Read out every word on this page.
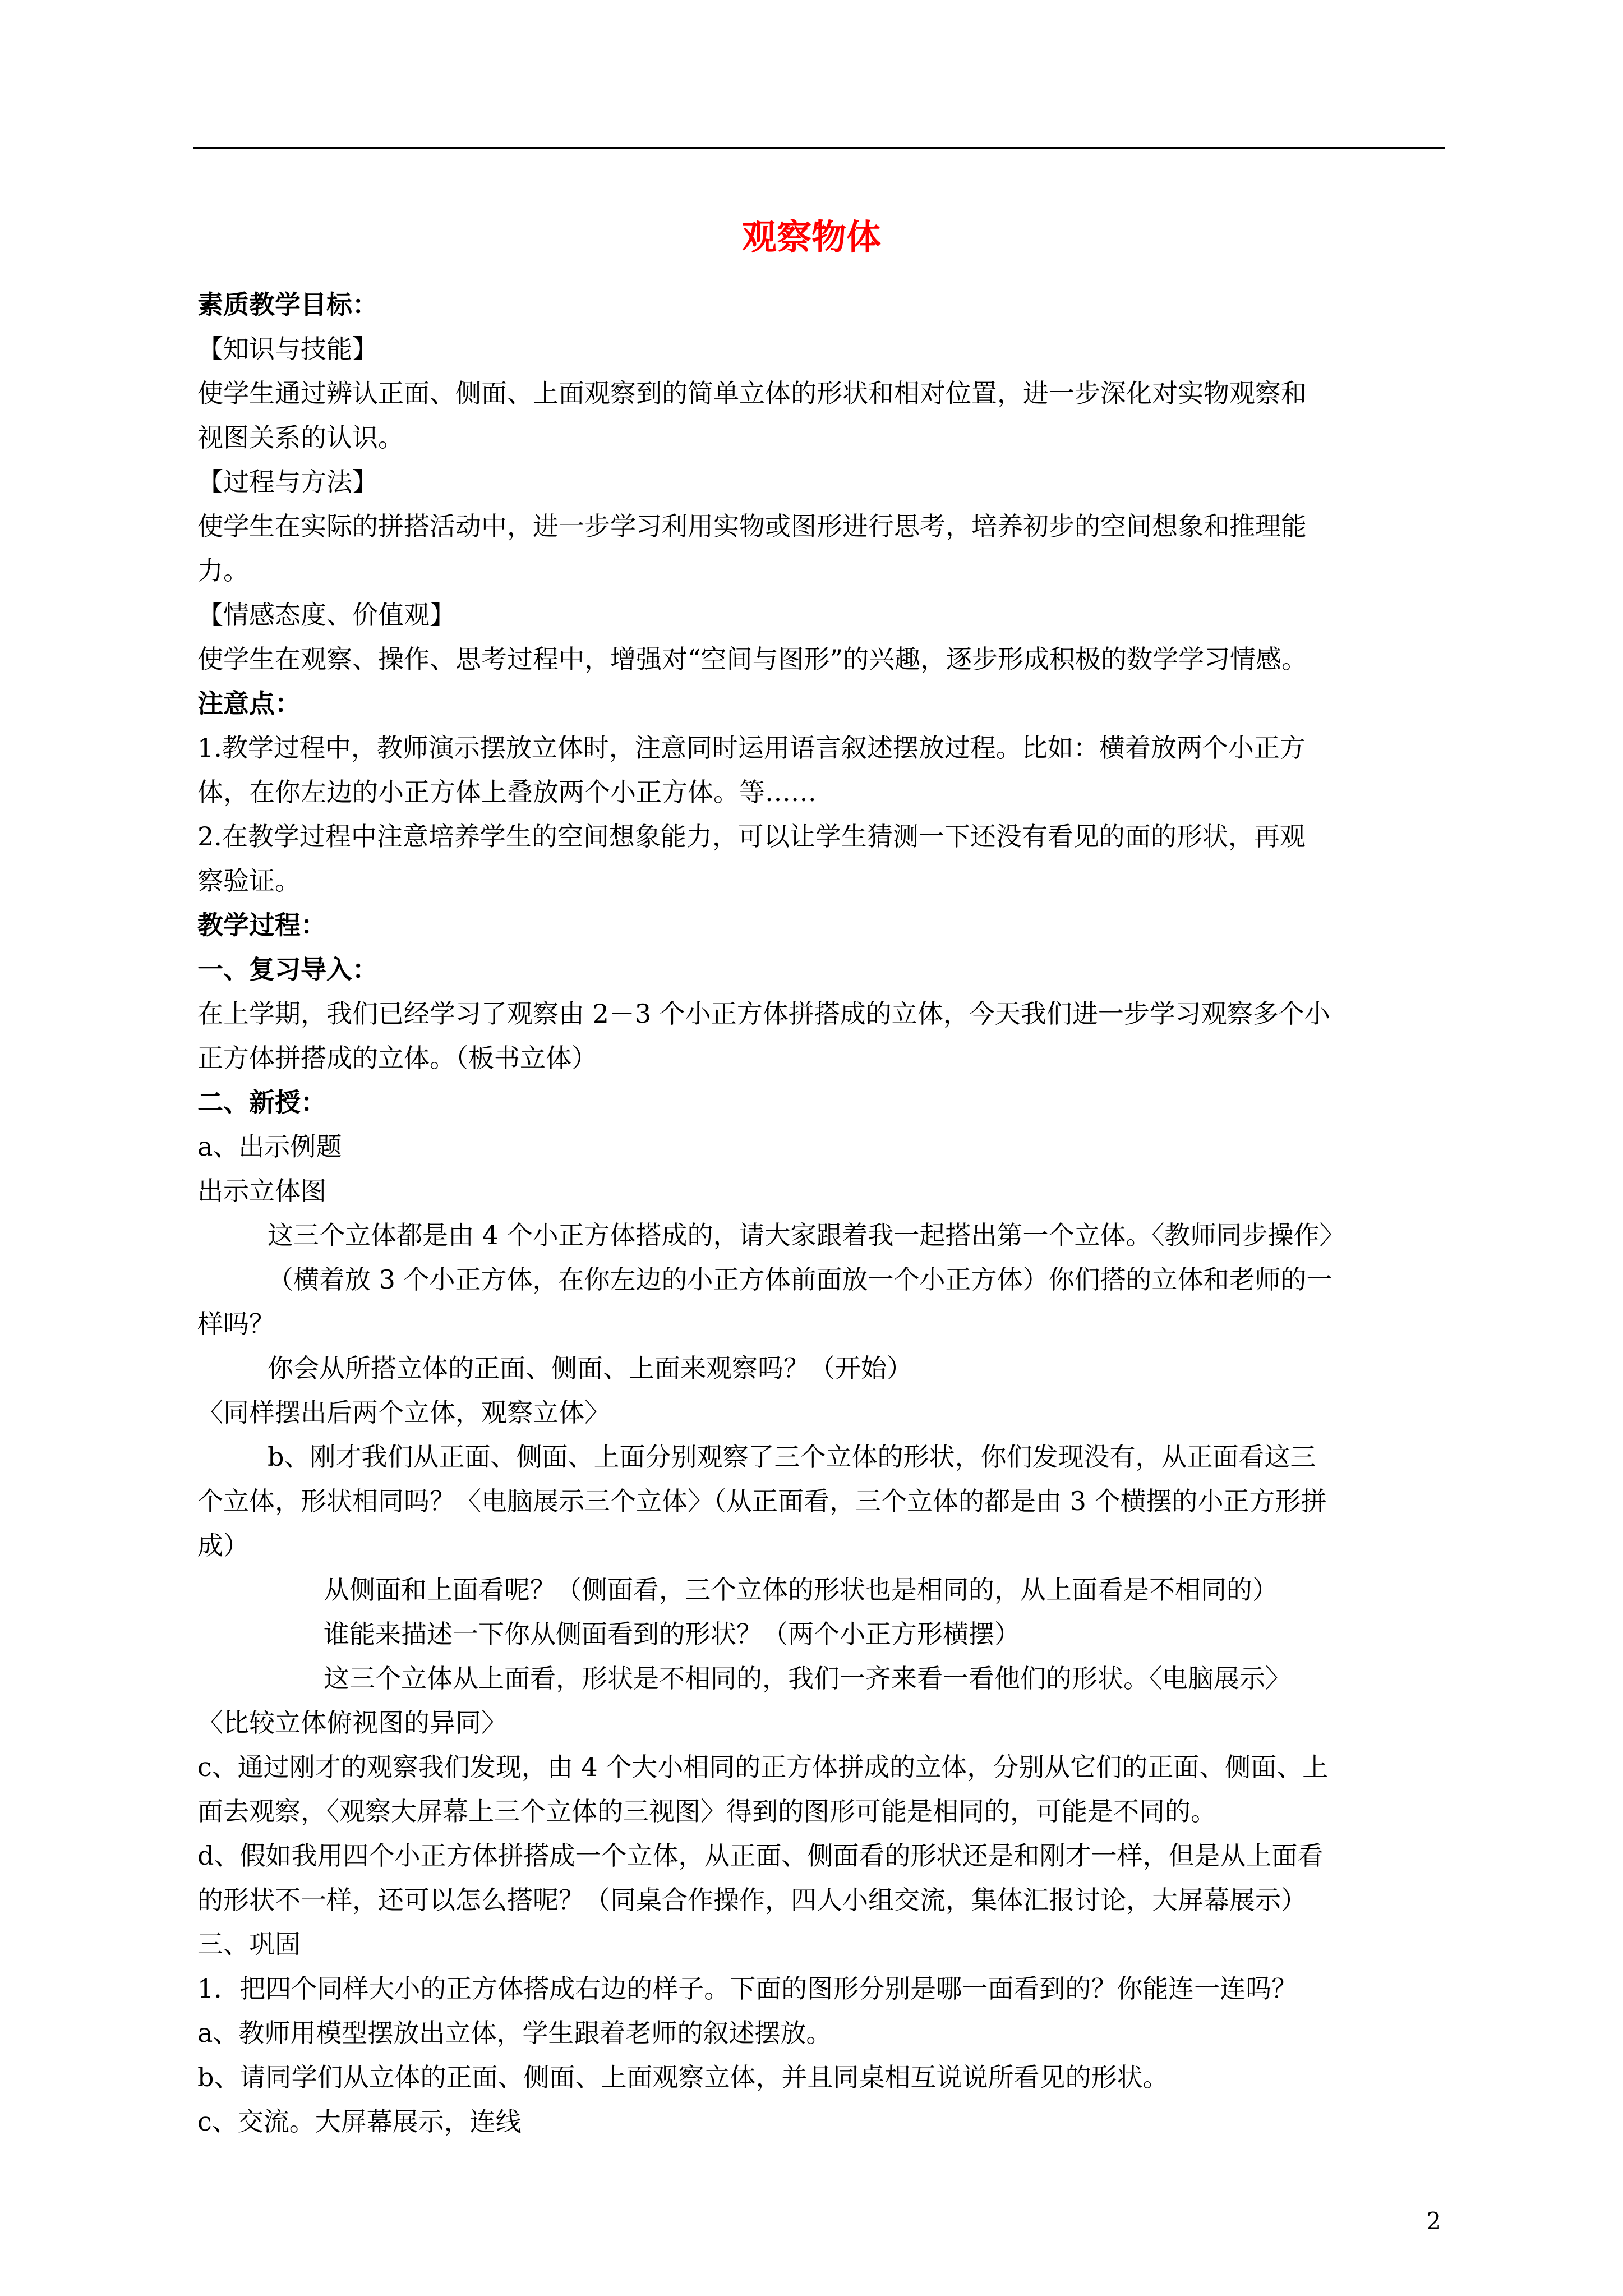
观察物体

素质教学目标：

【知识与技能】

使学生通过辨认正面、侧面、上面观察到的简单立体的形状和相对位置，进一步深化对实物观察和

视图关系的认识。

【过程与方法】

使学生在实际的拼搭活动中，进一步学习利用实物或图形进行思考，培养初步的空间想象和推理能

力。

【情感态度、价值观】

使学生在观察、操作、思考过程中，增强对“空间与图形”的兴趣，逐步形成积极的数学学习情感。

注意点：

1.教学过程中，教师演示摆放立体时，注意同时运用语言叙述摆放过程。比如：横着放两个小正方

体，在你左边的小正方体上叠放两个小正方体。等……

2.在教学过程中注意培养学生的空间想象能力，可以让学生猜测一下还没有看见的面的形状，再观

察验证。

教学过程：

一、复习导入：

在上学期，我们已经学习了观察由 2－3 个小正方体拼搭成的立体，今天我们进一步学习观察多个小

正方体拼搭成的立体。（板书立体）

二、新授：

a、出示例题

出示立体图

这三个立体都是由 4 个小正方体搭成的，请大家跟着我一起搭出第一个立体。〈教师同步操作〉

（横着放 3 个小正方体，在你左边的小正方体前面放一个小正方体）你们搭的立体和老师的一

样吗？

你会从所搭立体的正面、侧面、上面来观察吗？（开始）

〈同样摆出后两个立体，观察立体〉

b、刚才我们从正面、侧面、上面分别观察了三个立体的形状，你们发现没有，从正面看这三

个立体，形状相同吗？〈电脑展示三个立体〉（从正面看，三个立体的都是由 3 个横摆的小正方形拼

成）

从侧面和上面看呢？（侧面看，三个立体的形状也是相同的，从上面看是不相同的）

谁能来描述一下你从侧面看到的形状？（两个小正方形横摆）

这三个立体从上面看，形状是不相同的，我们一齐来看一看他们的形状。〈电脑展示〉

〈比较立体俯视图的异同〉

c、通过刚才的观察我们发现，由 4 个大小相同的正方体拼成的立体，分别从它们的正面、侧面、上

面去观察，〈观察大屏幕上三个立体的三视图〉得到的图形可能是相同的，可能是不同的。

d、假如我用四个小正方体拼搭成一个立体，从正面、侧面看的形状还是和刚才一样，但是从上面看

的形状不一样，还可以怎么搭呢？（同桌合作操作，四人小组交流，集体汇报讨论，大屏幕展示）

三、巩固

1．把四个同样大小的正方体搭成右边的样子。下面的图形分别是哪一面看到的？你能连一连吗？

a、教师用模型摆放出立体，学生跟着老师的叙述摆放。

b、请同学们从立体的正面、侧面、上面观察立体，并且同桌相互说说所看见的形状。

c、交流。大屏幕展示，连线

2
